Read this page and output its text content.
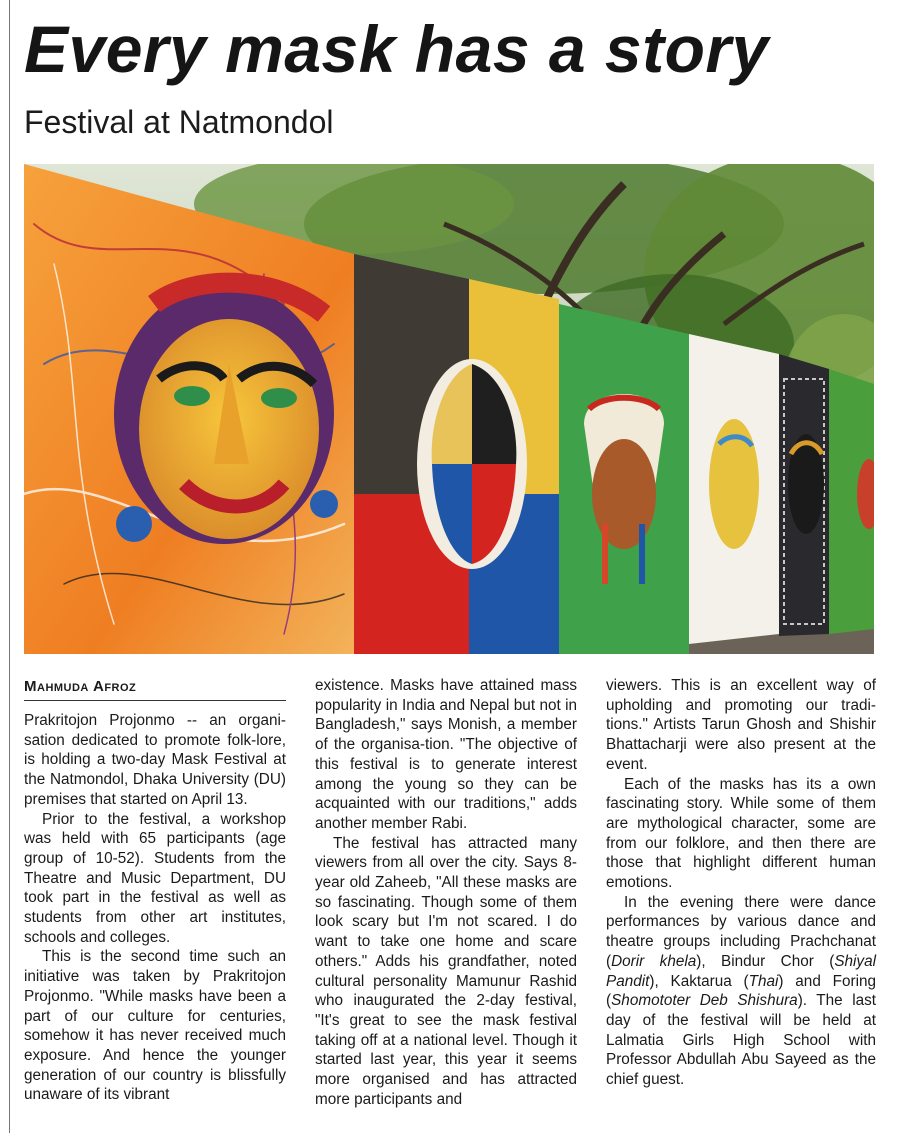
Every mask has a story
Festival at Natmondol
Mahmuda Afroz

Prakritojon Projonmo -- an organi-sation dedicated to promote folk-lore, is holding a two-day Mask Festival at the Natmondol, Dhaka University (DU) premises that started on April 13.

Prior to the festival, a workshop was held with 65 participants (age group of 10-52). Students from the Theatre and Music Department, DU took part in the festival as well as students from other art institutes, schools and colleges.

This is the second time such an initiative was taken by Prakritojon Projonmo. "While masks have been a part of our culture for centuries, somehow it has never received much exposure. And hence the younger generation of our country is blissfully unaware of its vibrant

existence. Masks have attained mass popularity in India and Nepal but not in Bangladesh," says Monish, a member of the organisa-tion. "The objective of this festival is to generate interest among the young so they can be acquainted with our traditions," adds another member Rabi.

The festival has attracted many viewers from all over the city. Says 8-year old Zaheeb, "All these masks are so fascinating. Though some of them look scary but I'm not scared. I do want to take one home and scare others." Adds his grandfather, noted cultural personality Mamunur Rashid who inaugurated the 2-day festival, "It's great to see the mask festival taking off at a national level. Though it started last year, this year it seems more organised and has attracted more participants and

viewers. This is an excellent way of upholding and promoting our tradi-tions." Artists Tarun Ghosh and Shishir Bhattacharji were also present at the event.

Each of the masks has its a own fascinating story. While some of them are mythological character, some are from our folklore, and then there are those that highlight different human emotions.

In the evening there were dance performances by various dance and theatre groups including Prachchanat (Dorir khela), Bindur Chor (Shiyal Pandit), Kaktarua (Thai) and Foring (Shomototer Deb Shishura). The last day of the festival will be held at Lalmatia Girls High School with Professor Abdullah Abu Sayeed as the chief guest.
